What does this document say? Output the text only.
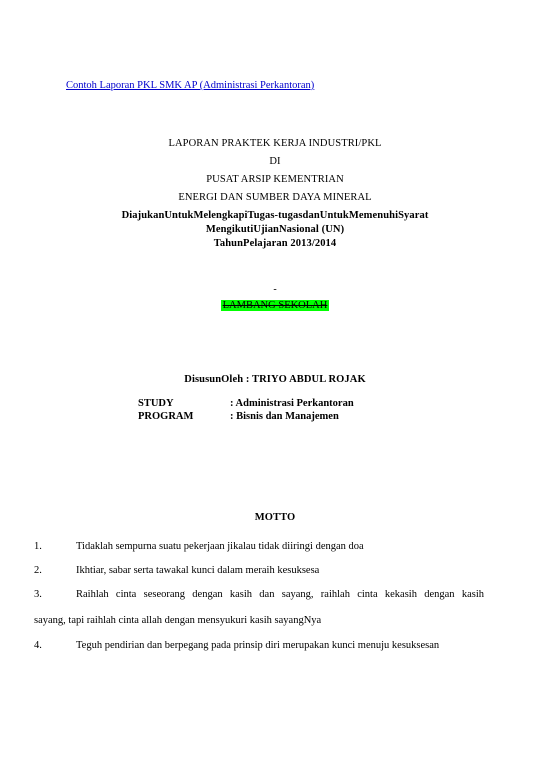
Contoh Laporan PKL SMK AP (Administrasi Perkantoran)
LAPORAN PRAKTEK KERJA INDUSTRI/PKL
DI
PUSAT ARSIP KEMENTRIAN
ENERGI DAN SUMBER DAYA MINERAL
DiajukanUntukMelengkapiTugas-tugasdanUntukMemenuhiSyarat
MengikutiUjianNasional (UN)
TahunPelajaran 2013/2014
-
LAMBANG SEKOLAH
DisusunOleh : TRIYO ABDUL ROJAK
STUDY	: Administrasi Perkantoran
PROGRAM	: Bisnis dan Manajemen
MOTTO
1.	Tidaklah sempurna suatu pekerjaan jikalau tidak diiringi dengan doa
2.	Ikhtiar, sabar serta tawakal kunci dalam meraih kesuksesa
3.	Raihlah cinta seseorang dengan kasih dan sayang, raihlah cinta kekasih dengan kasih
sayang, tapi raihlah cinta allah dengan mensyukuri kasih sayangNya
4.	Teguh pendirian dan berpegang pada prinsip diri merupakan kunci menuju kesuksesan
